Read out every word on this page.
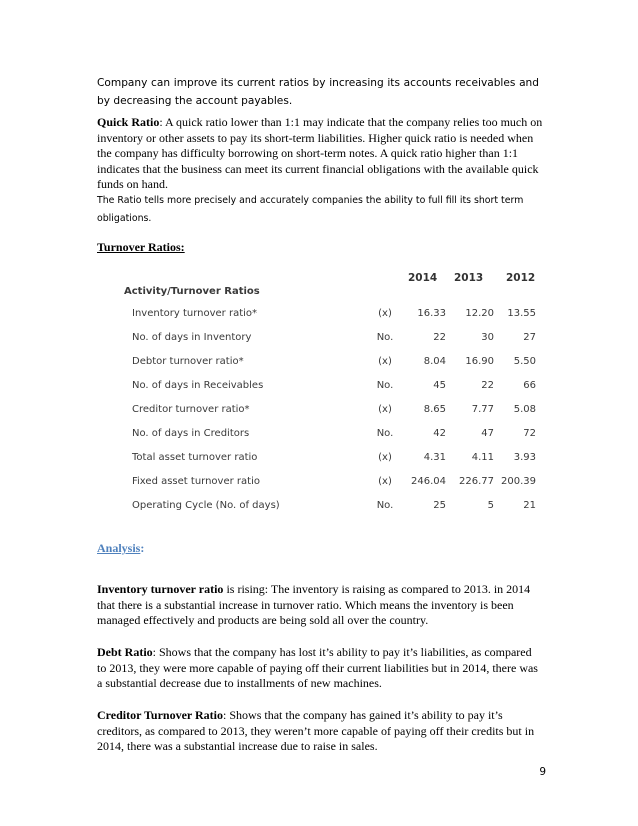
Company can improve its current ratios by increasing its accounts receivables and by decreasing the account payables.
Quick Ratio: A quick ratio lower than 1:1 may indicate that the company relies too much on inventory or other assets to pay its short-term liabilities. Higher quick ratio is needed when the company has difficulty borrowing on short-term notes. A quick ratio higher than 1:1 indicates that the business can meet its current financial obligations with the available quick funds on hand.
The Ratio tells more precisely and accurately companies the ability to full fill its short term obligations.
Turnover Ratios:
2014 2013 2012
Activity/Turnover Ratios
Inventory turnover ratio*	(x)	16.33	12.20	13.55
No. of days in Inventory	No.	22	30	27
Debtor turnover ratio*	(x)	8.04	16.90	5.50
No. of days in Receivables	No.	45	22	66
Creditor turnover ratio*	(x)	8.65	7.77	5.08
No. of days in Creditors	No.	42	47	72
Total asset turnover ratio	(x)	4.31	4.11	3.93
Fixed asset turnover ratio	(x)	246.04	226.77 200.39
Operating Cycle (No. of days)	No.	25	5	21
Analysis:
Inventory turnover ratio is rising: The inventory is raising as compared to 2013. in 2014 that there is a substantial increase in turnover ratio. Which means the inventory is been managed effectively and products are being sold all over the country.
Debt Ratio: Shows that the company has lost it’s ability to pay it’s liabilities, as compared to 2013, they were more capable of paying off their current liabilities but in 2014, there was a substantial decrease due to installments of new machines.
Creditor Turnover Ratio: Shows that the company has gained it’s ability to pay it’s creditors, as compared to 2013, they weren’t more capable of paying off their credits but in 2014, there was a substantial increase due to raise in sales.
9
